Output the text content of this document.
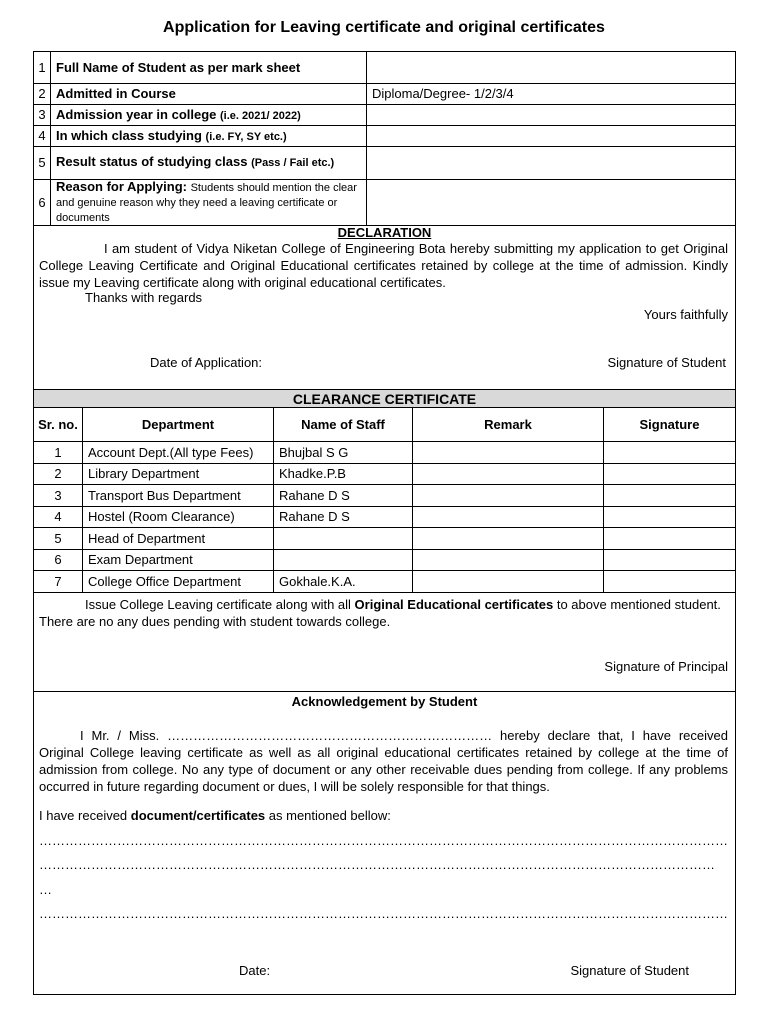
Application for Leaving certificate and original certificates
1	Full Name of Student as per mark sheet	
2	Admitted in Course	Diploma/Degree- 1/2/3/4
3	Admission year in college (i.e. 2021/ 2022)	
4	In which class studying (i.e. FY, SY etc.)	
5	Result status of studying class (Pass / Fail etc.)	
6	Reason for Applying: Students should mention the clear and genuine reason why they need a leaving certificate or documents	
DECLARATION
I am student of Vidya Niketan College of Engineering Bota hereby submitting my application to get Original College Leaving Certificate and Original Educational certificates retained by college at the time of admission. Kindly issue my Leaving certificate along with original educational certificates.
Thanks with regards
Yours faithfully
Date of Application:	Signature of Student
CLEARANCE CERTIFICATE
Sr. no.	Department	Name of Staff	Remark	Signature
1	Account Dept.(All type Fees)	Bhujbal S G		
2	Library Department	Khadke.P.B		
3	Transport Bus Department	Rahane D S		
4	Hostel (Room Clearance)	Rahane D S		
5	Head of Department			
6	Exam Department			
7	College Office Department	Gokhale.K.A.		
Issue College Leaving certificate along with all Original Educational certificates to above mentioned student. There are no any dues pending with student towards college.
Signature of Principal
Acknowledgement by Student
I Mr. / Miss. ………………………………………………………………… hereby declare that, I have received Original College leaving certificate as well as all original educational certificates retained by college at the time of admission from college. No any type of document or any other receivable dues pending from college. If any problems occurred in future regarding document or dues, I will be solely responsible for that things.
I have received document/certificates as mentioned bellow:
……………………………………………………………………………………………………………………………………………
…………………………………………………………………………………………………………………………………………
…
……………………………………………………………………………………………………………………………………………
Date:	Signature of Student
